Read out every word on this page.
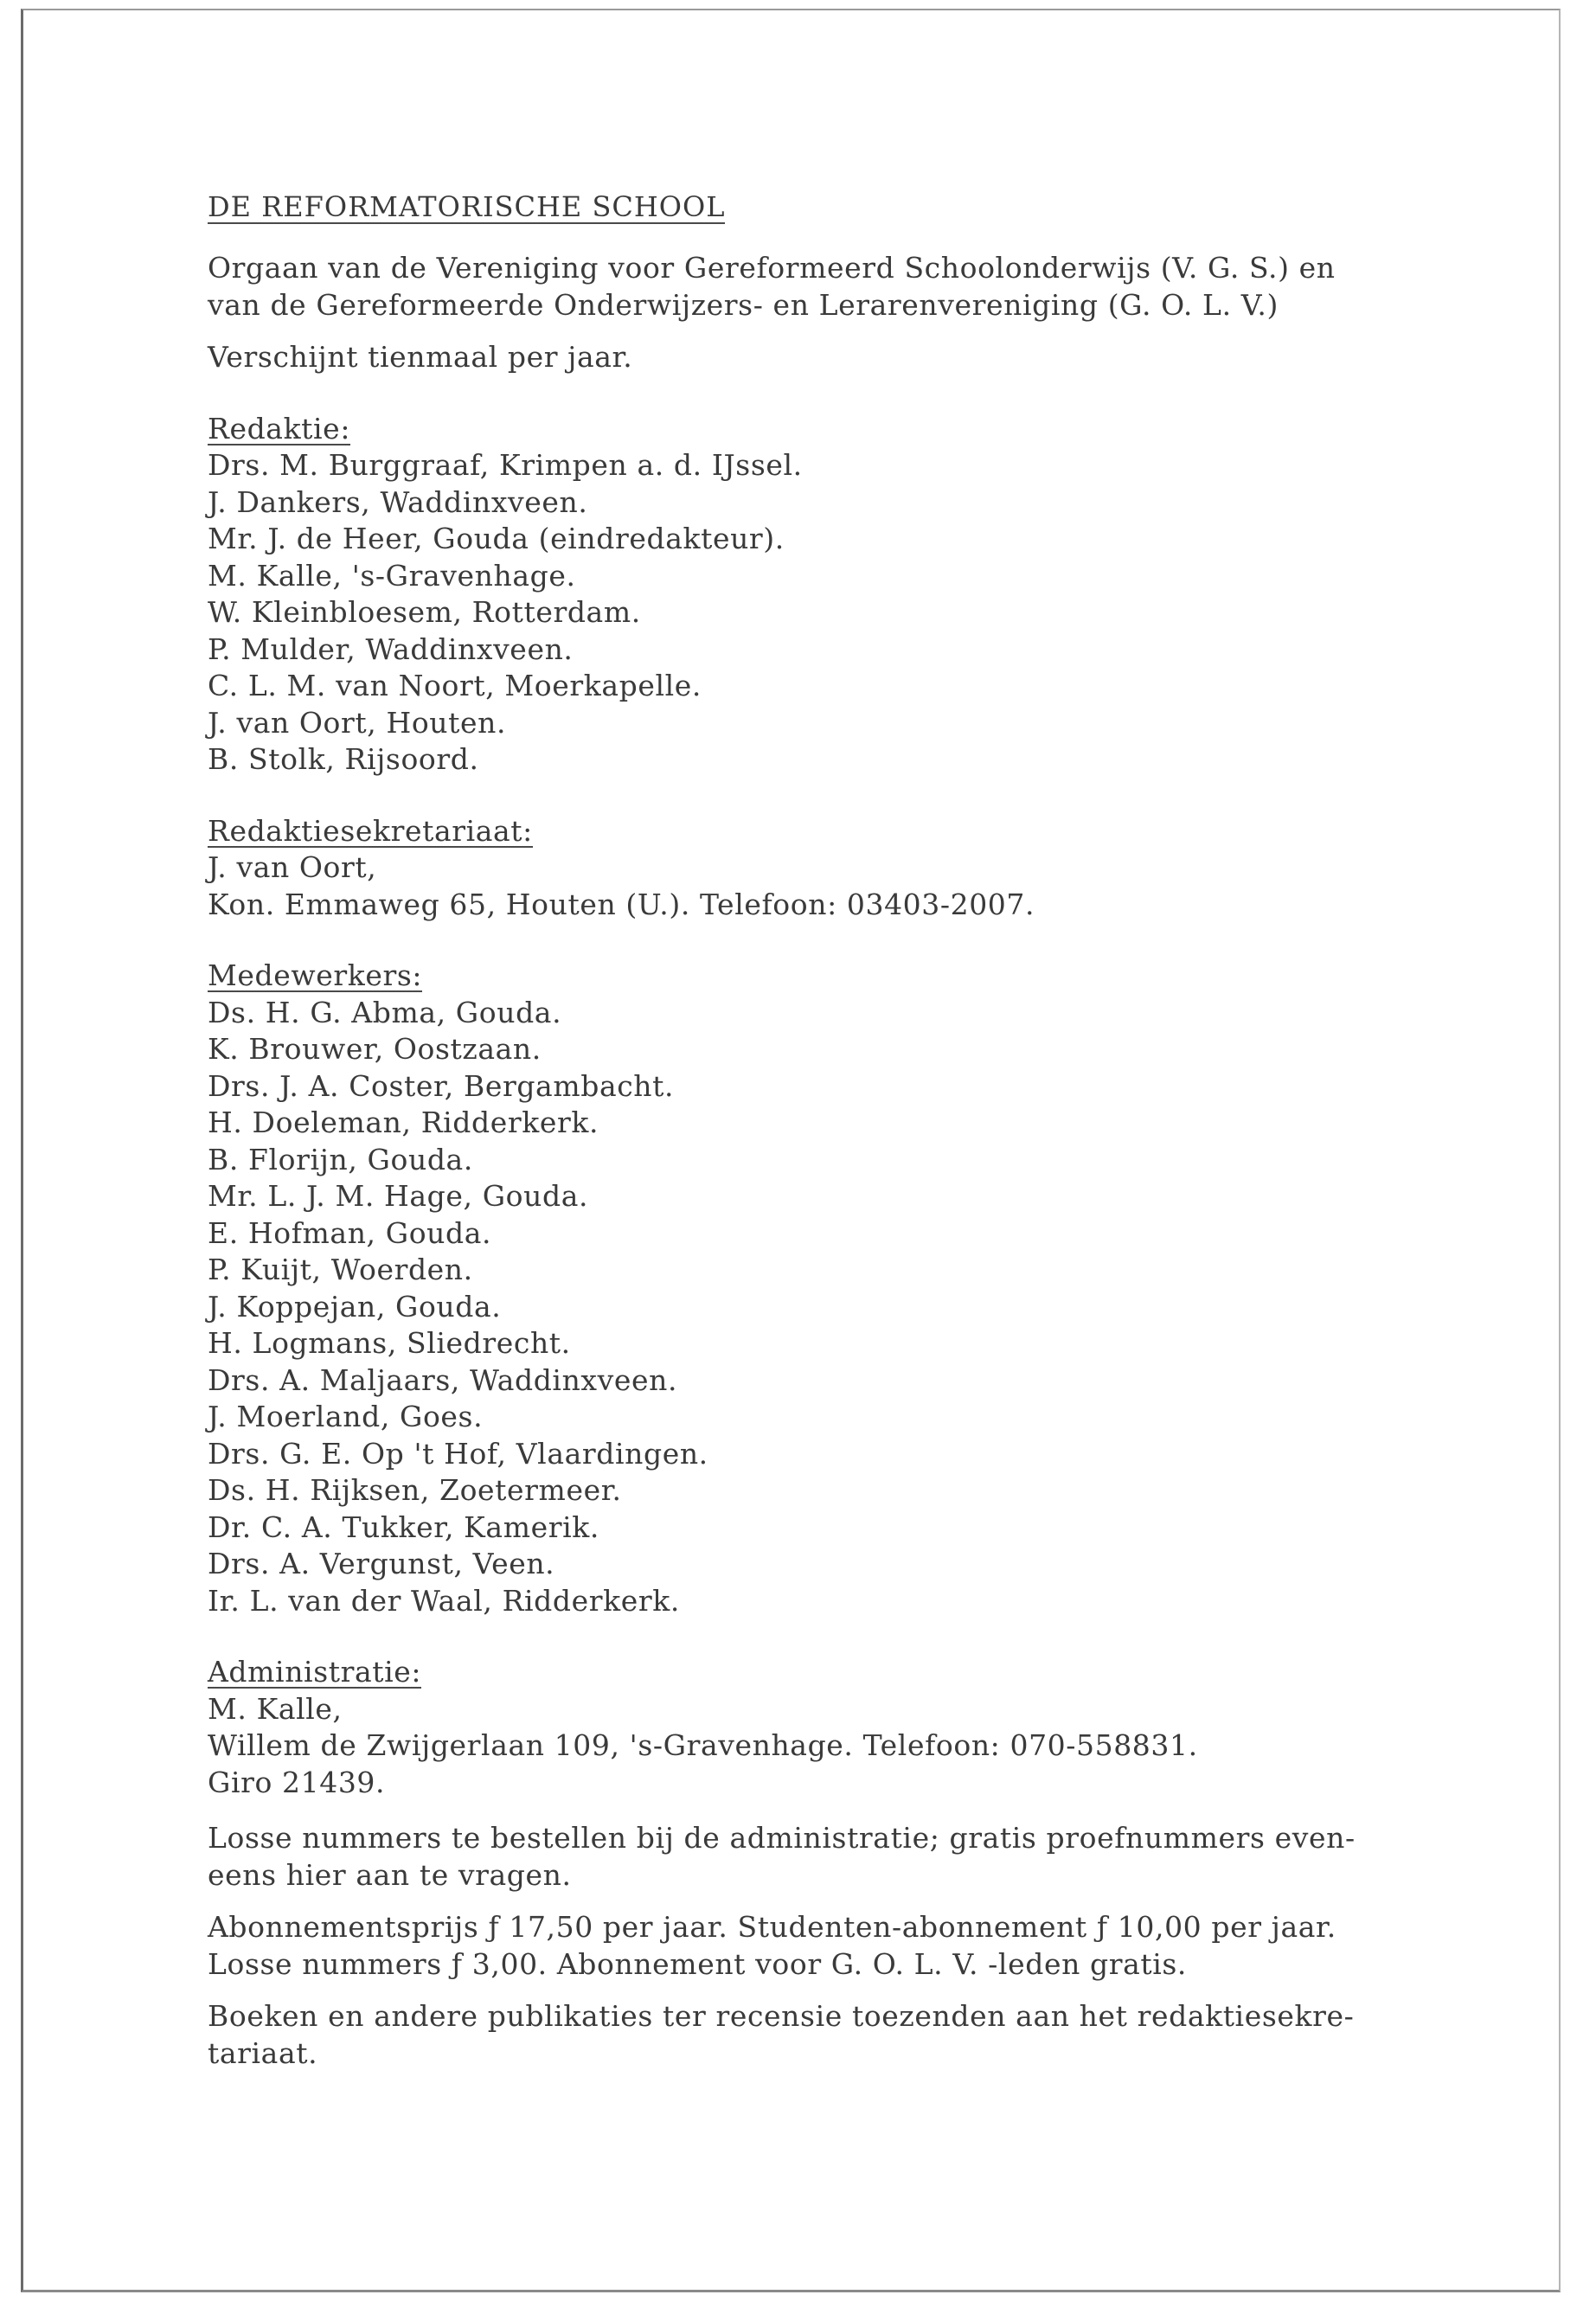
DE REFORMATORISCHE SCHOOL
Orgaan van de Vereniging voor Gereformeerd Schoolonderwijs (V. G. S.) en
van de Gereformeerde Onderwijzers- en Lerarenvereniging (G. O. L. V.)
Verschijnt tienmaal per jaar.
Redaktie:
Drs. M. Burggraaf, Krimpen a. d. IJssel.
J. Dankers, Waddinxveen.
Mr. J. de Heer, Gouda (eindredakteur).
M. Kalle, 's-Gravenhage.
W. Kleinbloesem, Rotterdam.
P. Mulder, Waddinxveen.
C. L. M. van Noort, Moerkapelle.
J. van Oort, Houten.
B. Stolk, Rijsoord.
Redaktiesekretariaat:
J. van Oort,
Kon. Emmaweg 65, Houten (U.). Telefoon: 03403-2007.
Medewerkers:
Ds. H. G. Abma, Gouda.
K. Brouwer, Oostzaan.
Drs. J. A. Coster, Bergambacht.
H. Doeleman, Ridderkerk.
B. Florijn, Gouda.
Mr. L. J. M. Hage, Gouda.
E. Hofman, Gouda.
P. Kuijt, Woerden.
J. Koppejan, Gouda.
H. Logmans, Sliedrecht.
Drs. A. Maljaars, Waddinxveen.
J. Moerland, Goes.
Drs. G. E. Op 't Hof, Vlaardingen.
Ds. H. Rijksen, Zoetermeer.
Dr. C. A. Tukker, Kamerik.
Drs. A. Vergunst, Veen.
Ir. L. van der Waal, Ridderkerk.
Administratie:
M. Kalle,
Willem de Zwijgerlaan 109, 's-Gravenhage. Telefoon: 070-558831.
Giro 21439.
Losse nummers te bestellen bij de administratie; gratis proefnummers even-
eens hier aan te vragen.
Abonnementsprijs ƒ 17,50 per jaar. Studenten-abonnement ƒ 10,00 per jaar.
Losse nummers ƒ 3,00. Abonnement voor G. O. L. V. -leden gratis.
Boeken en andere publikaties ter recensie toezenden aan het redaktiesekre-
tariaat.
